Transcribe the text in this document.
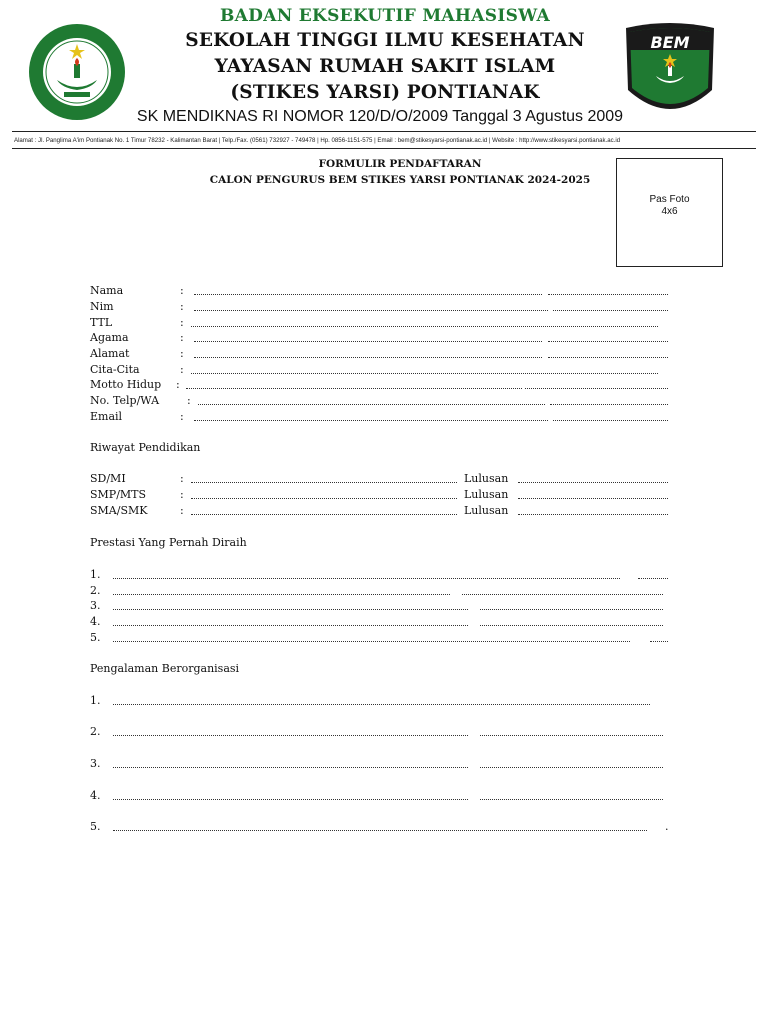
BADAN EKSEKUTIF MAHASISWA
SEKOLAH TINGGI ILMU KESEHATAN
YAYASAN RUMAH SAKIT ISLAM
(STIKES YARSI) PONTIANAK
SK MENDIKNAS RI NOMOR 120/D/O/2009 Tanggal 3 Agustus 2009
BEM
Alamat : Jl. Panglima A'im Pontianak No. 1 Timur 78232 - Kalimantan Barat | Telp./Fax. (0561) 732927 - 749478 | Hp. 0856-1151-575 | Email : bem@stikesyarsi-pontianak.ac.id | Website : http://www.stikesyarsi.pontianak.ac.id
FORMULIR PENDAFTARAN
CALON PENGURUS BEM STIKES YARSI PONTIANAK 2024-2025
Pas Foto
4x6
Nama	:
Nim	:
TTL	:
Agama	:
Alamat	:
Cita-Cita	:
Motto Hidup :
No. Telp/WA	:
Email	:
Riwayat Pendidikan
SD/MI	:	Lulusan
SMP/MTS	:	Lulusan
SMA/SMK	:	Lulusan
Prestasi Yang Pernah Diraih
1.
2.
3.
4.
5.
Pengalaman Berorganisasi
1.
2.
3.
4.
5.	.
